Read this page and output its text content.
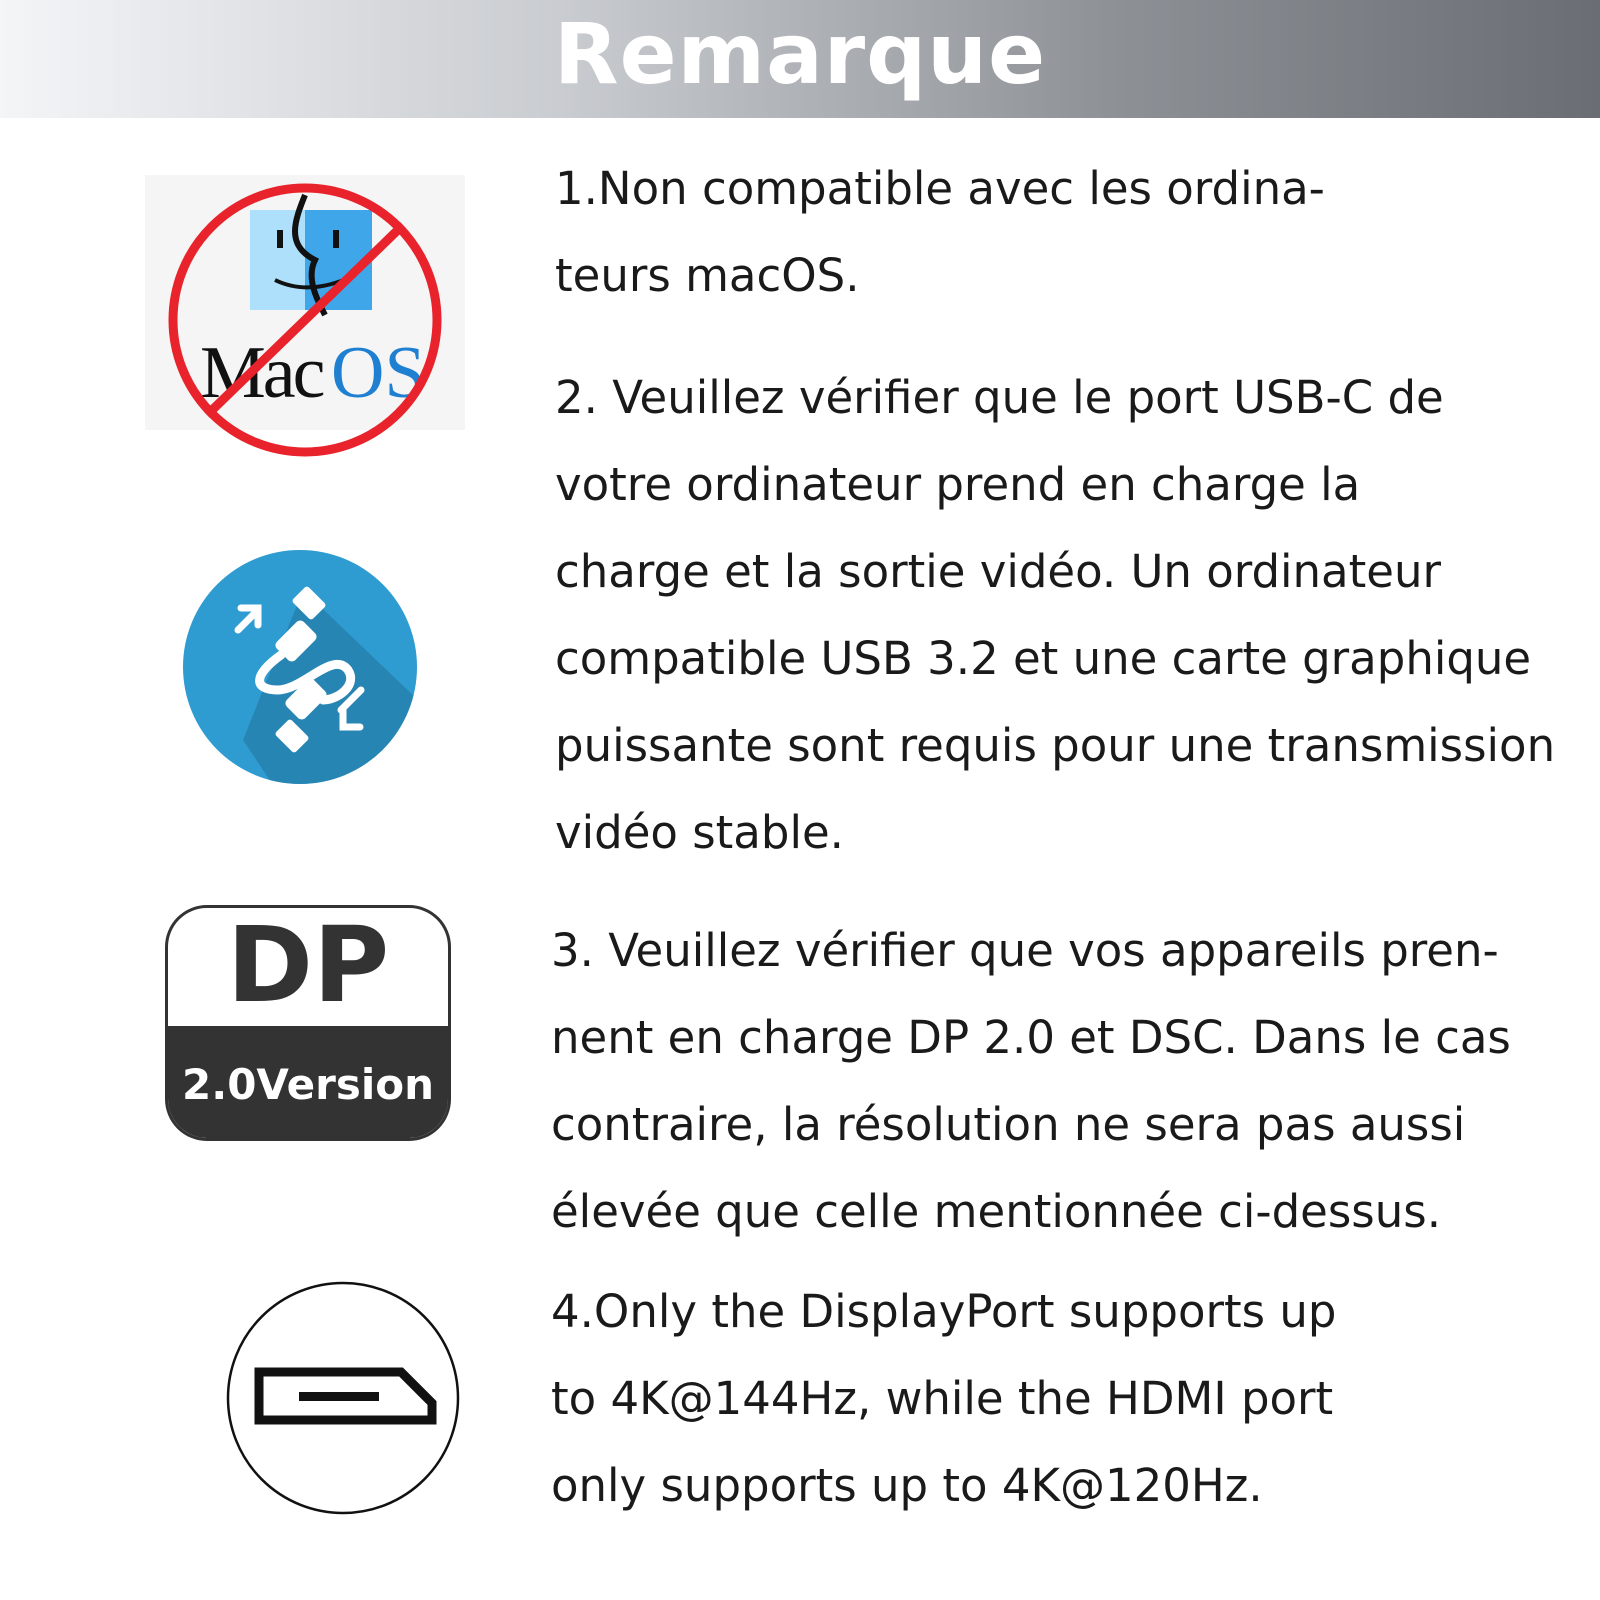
Remarque
Mac OS
DP
2.0Version
1.Non compatible avec les ordina-
teurs macOS.
2. Veuillez vérifier que le port USB-C de
votre ordinateur prend en charge la
charge et la sortie vidéo. Un ordinateur
compatible USB 3.2 et une carte graphique
puissante sont requis pour une transmission
vidéo stable.
3. Veuillez vérifier que vos appareils pren-
nent en charge DP 2.0 et DSC. Dans le cas
contraire, la résolution ne sera pas aussi
élevée que celle mentionnée ci-dessus.
4.Only the DisplayPort supports up
to 4K@144Hz, while the HDMI port
only supports up to 4K@120Hz.
